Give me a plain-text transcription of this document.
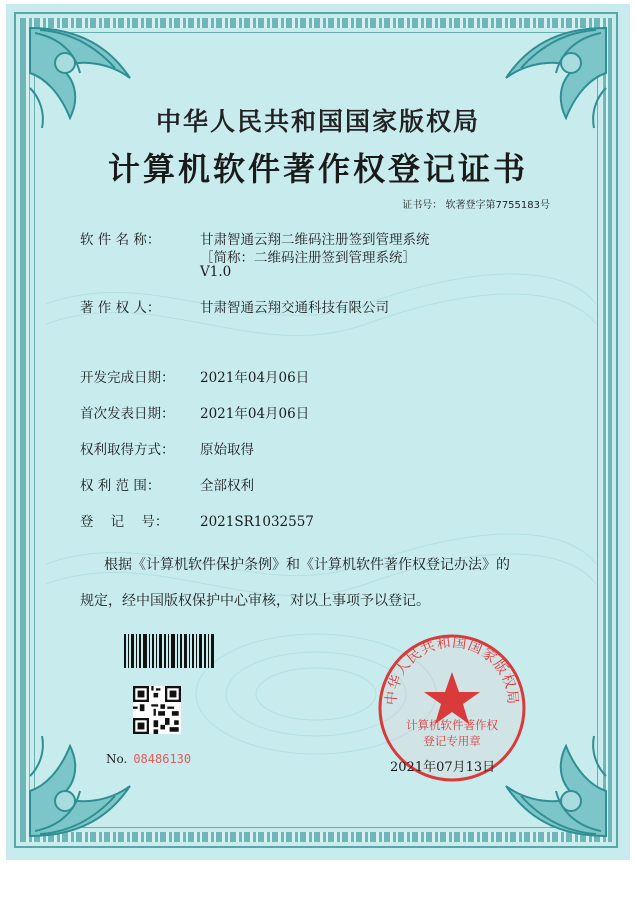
中华人民共和国国家版权局
计算机软件著作权登记证书
证书号： 软著登字第7755183号
软 件 名 称：	甘肃智通云翔二维码注册签到管理系统
［简称：二维码注册签到管理系统］
V1.0
著 作 权 人：	甘肃智通云翔交通科技有限公司
开发完成日期： 2021年04月06日
首次发表日期： 2021年04月06日
权利取得方式： 原始取得
权 利 范 围：	全部权利
登    记    号： 2021SR1032557
根据《计算机软件保护条例》和《计算机软件著作权登记办法》的
规定，经中国版权保护中心审核，对以上事项予以登记。
No. 08486130
中华人民共和国国家版权局
计算机软件著作权
登记专用章
2021年07月13日
